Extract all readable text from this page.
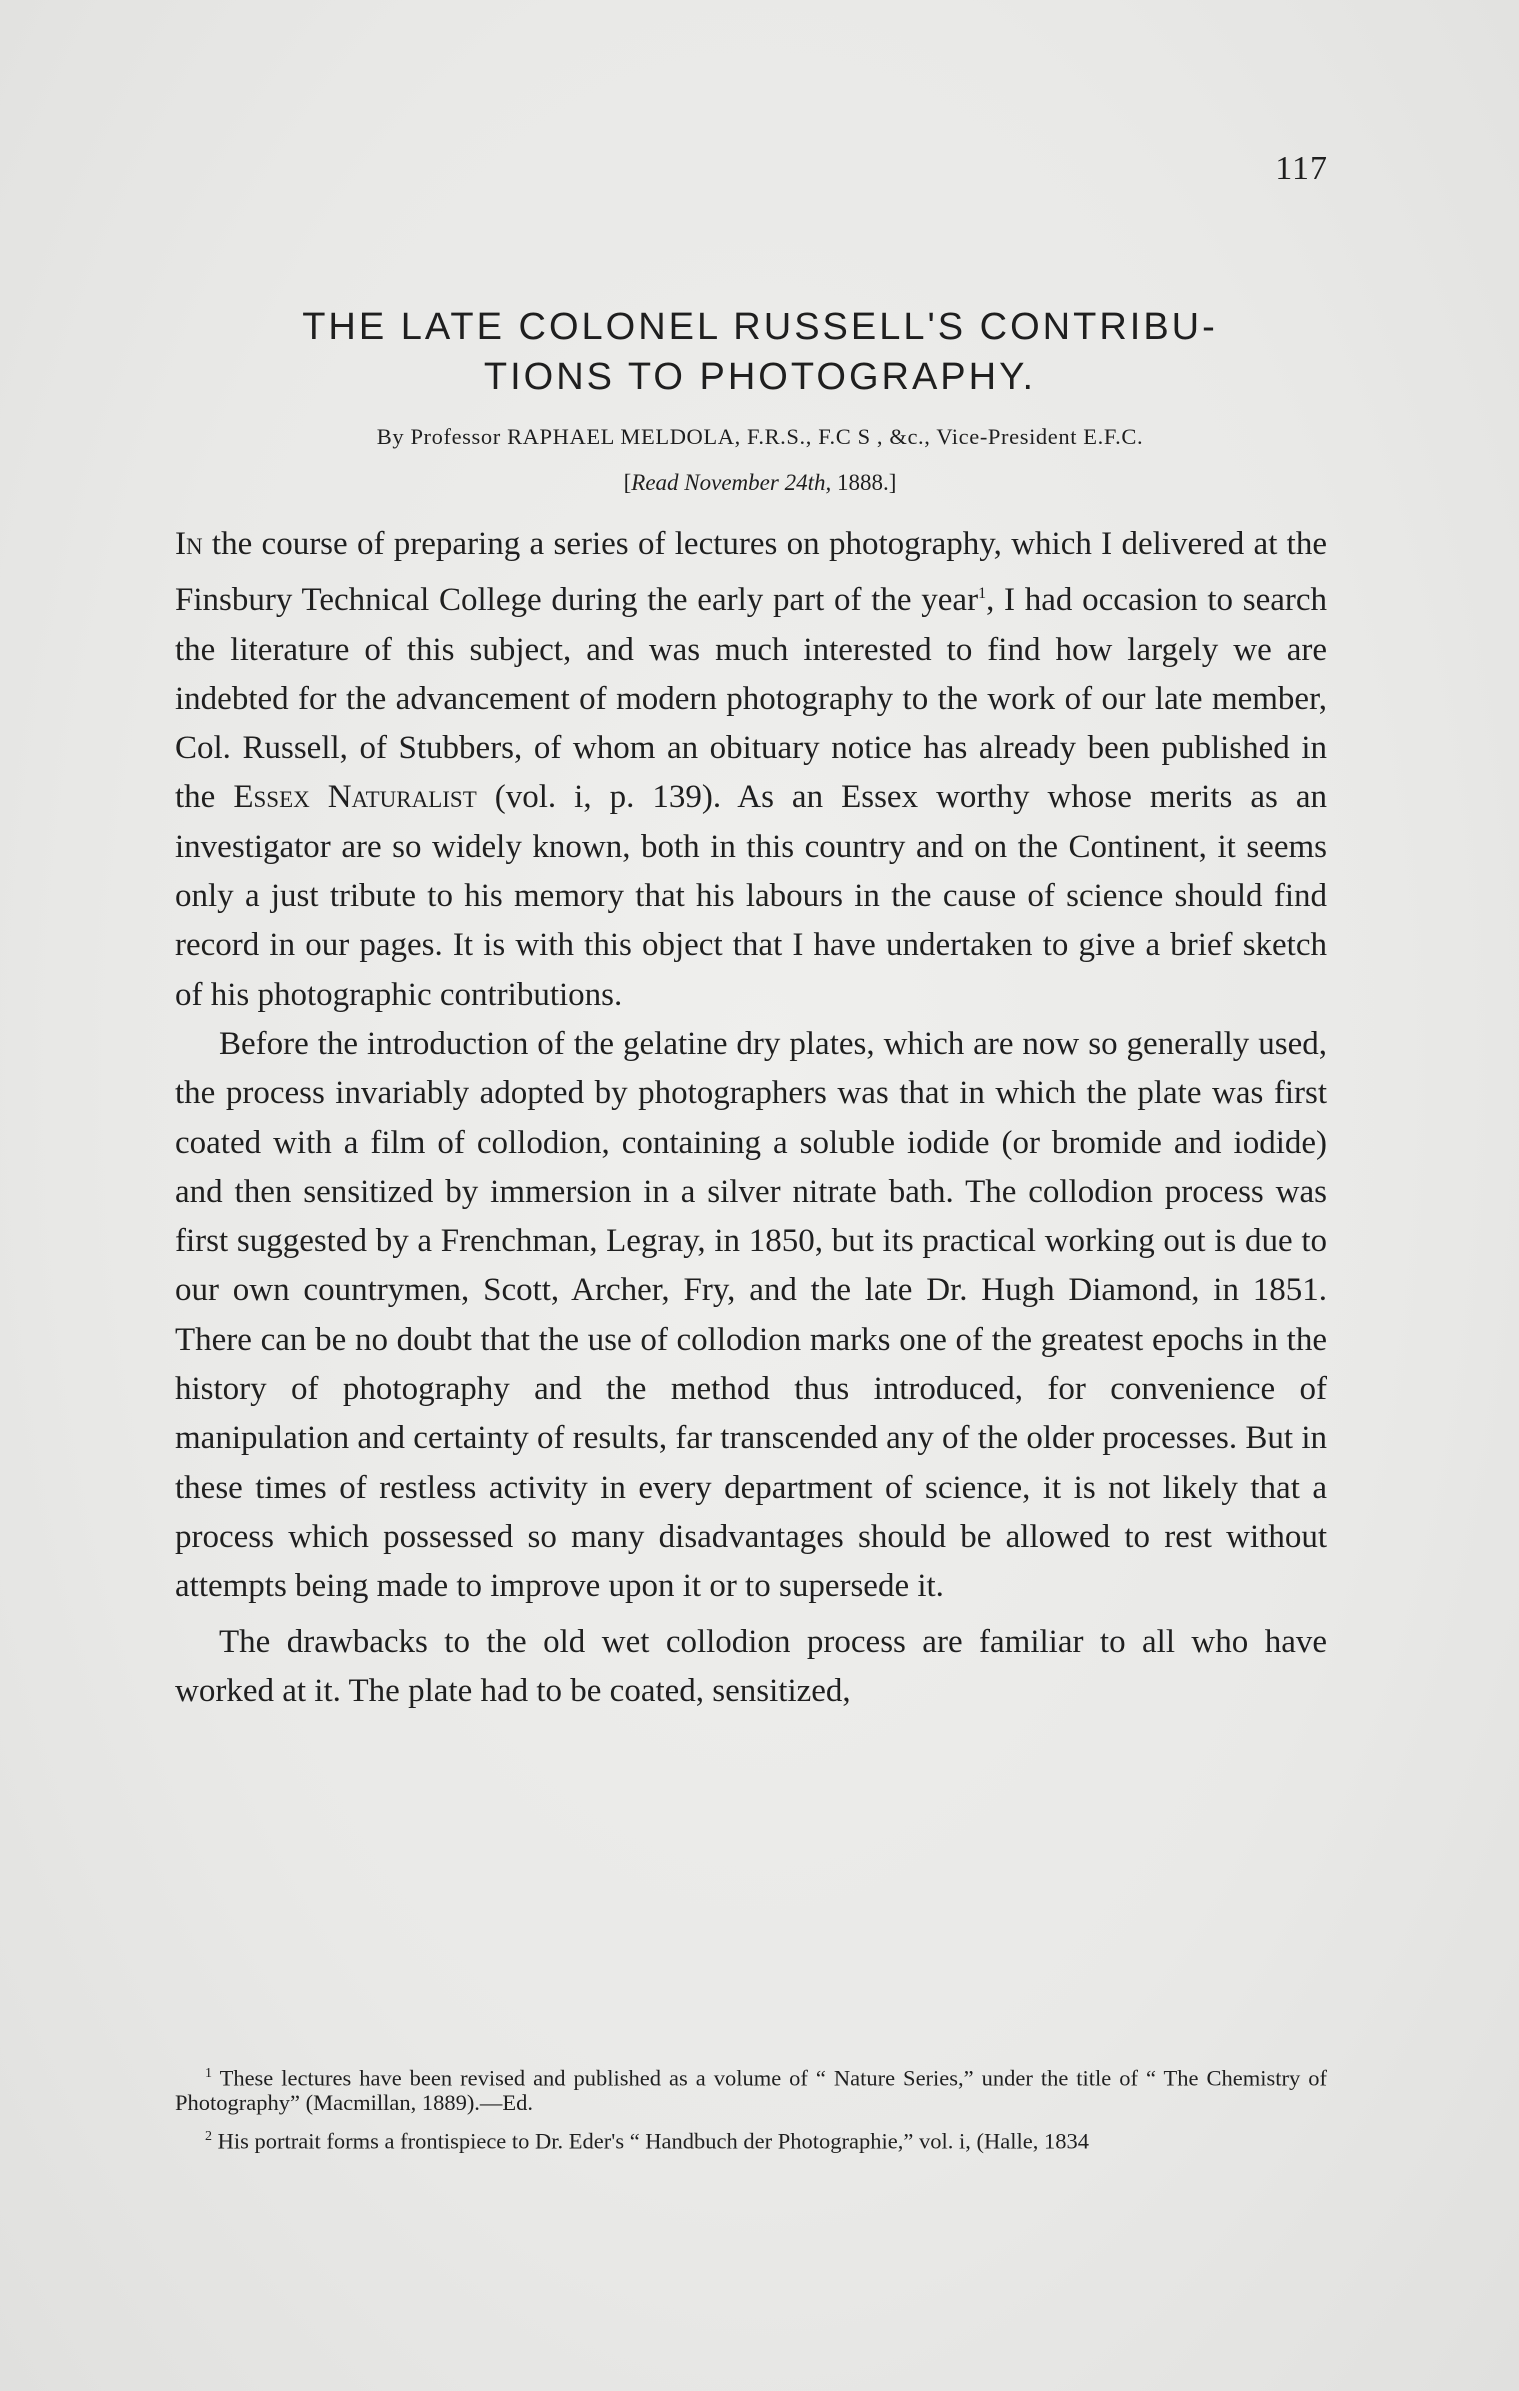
117
THE LATE COLONEL RUSSELL'S CONTRIBU-
TIONS TO PHOTOGRAPHY.
By Professor RAPHAEL MELDOLA, F.R.S., F.C S , &c., Vice-President E.F.C.
[Read November 24th, 1888.]

In the course of preparing a series of lectures on photography, which I delivered at the Finsbury Technical College during the early part of the year$^1$, I had occasion to search the literature of this subject, and was much interested to find how largely we are indebted for the advancement of modern photography to the work of our late member, Col. Russell, of Stubbers, of whom an obituary notice has already been published in the Essex Naturalist (vol. i, p. 139). As an Essex worthy whose merits as an investigator are so widely known, both in this country and on the Continent, it seems only a just tribute to his memory that his labours in the cause of science should find record in our pages. It is with this object that I have undertaken to give a brief sketch of his photographic contributions.

Before the introduction of the gelatine dry plates, which are now so generally used, the process invariably adopted by photographers was that in which the plate was first coated with a film of collodion, containing a soluble iodide (or bromide and iodide) and then sensitized by immersion in a silver nitrate bath. The collodion process was first suggested by a Frenchman, Legray, in 1850, but its practical working out is due to our own countrymen, Scott, Archer, Fry, and the late Dr. Hugh Diamond, in 1851. There can be no doubt that the use of collodion marks one of the greatest epochs in the history of photography and the method thus introduced, for convenience of manipulation and certainty of results, far transcended any of the older processes. But in these times of restless activity in every department of science, it is not likely that a process which possessed so many disadvantages should be allowed to rest without attempts being made to improve upon it or to supersede it.

The drawbacks to the old wet collodion process are familiar to all who have worked at it. The plate had to be coated, sensitized,

$^1$ These lectures have been revised and published as a volume of “ Nature Series,” under the title of “ The Chemistry of Photography” (Macmillan, 1889).—Ed.

$^2$ His portrait forms a frontispiece to Dr. Eder's “ Handbuch der Photographie,” vol. i, (Halle, 1834
